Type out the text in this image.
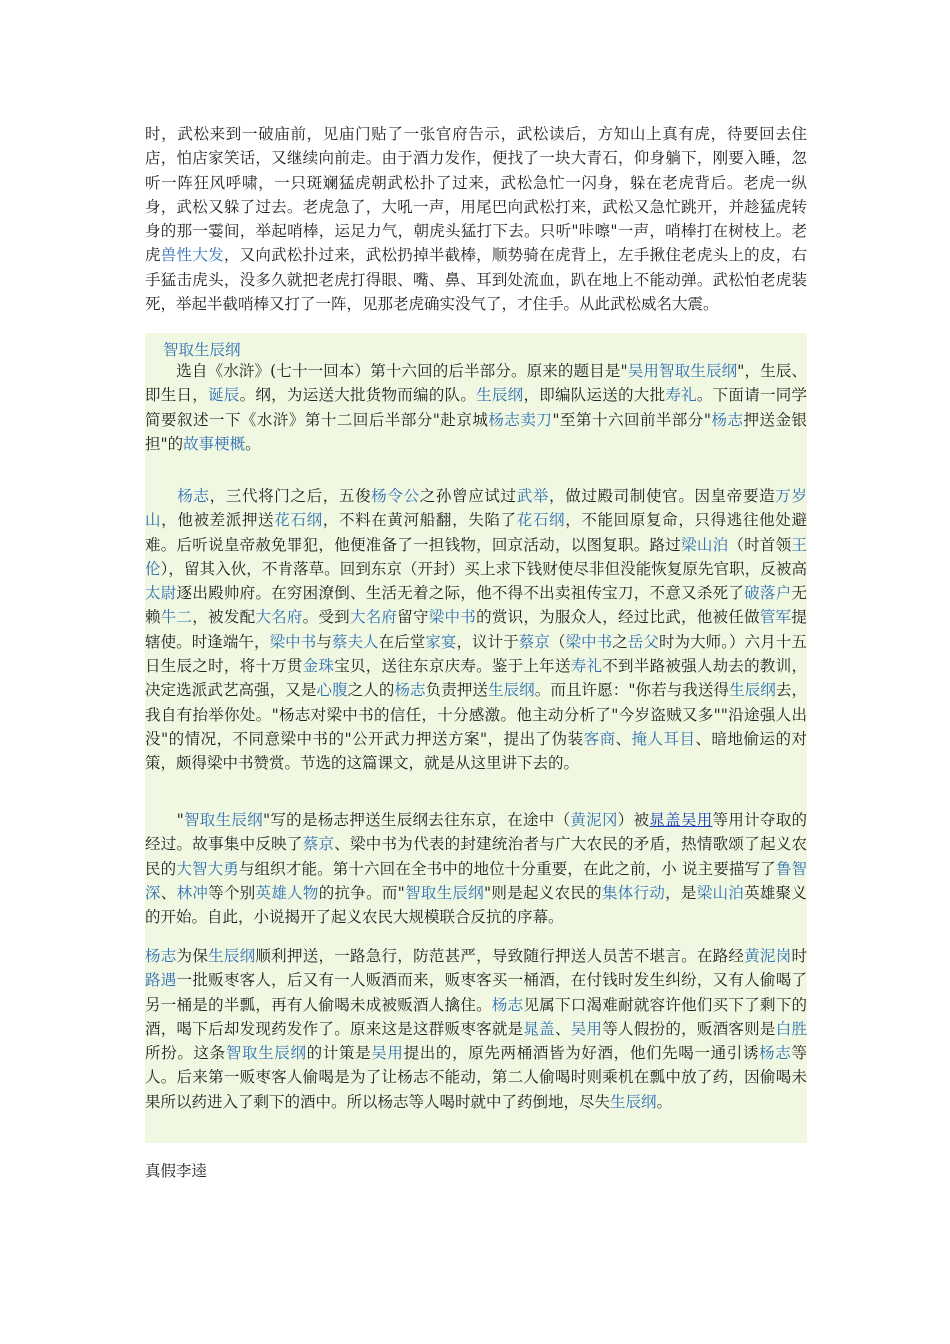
时，武松来到一破庙前，见庙门贴了一张官府告示，武松读后，方知山上真有虎，待要回去住店，怕店家笑话，又继续向前走。由于酒力发作，便找了一块大青石，仰身躺下，刚要入睡，忽听一阵狂风呼啸，一只斑斓猛虎朝武松扑了过来，武松急忙一闪身，躲在老虎背后。老虎一纵身，武松又躲了过去。老虎急了，大吼一声，用尾巴向武松打来，武松又急忙跳开，并趁猛虎转身的那一霎间，举起哨棒，运足力气，朝虎头猛打下去。只听"咔嚓"一声，哨棒打在树枝上。老虎兽性大发，又向武松扑过来，武松扔掉半截棒，顺势骑在虎背上，左手揪住老虎头上的皮，右手猛击虎头，没多久就把老虎打得眼、嘴、鼻、耳到处流血，趴在地上不能动弹。武松怕老虎装死，举起半截哨棒又打了一阵，见那老虎确实没气了，才住手。从此武松威名大震。

智取生辰纲

　　选自《水浒》(七十一回本）第十六回的后半部分。原来的题目是"吴用智取生辰纲"，生辰、即生日，诞辰。纲，为运送大批货物而编的队。生辰纲，即编队运送的大批寿礼。下面请一同学简要叙述一下《水浒》第十二回后半部分"赴京城杨志卖刀"至第十六回前半部分"杨志押送金银担"的故事梗概。

　　杨志，三代将门之后，五俊杨令公之孙曾应试过武举，做过殿司制使官。因皇帝要造万岁山，他被差派押送花石纲，不料在黄河船翻，失陷了花石纲，不能回原复命，只得逃往他处避难。后听说皇帝赦免罪犯，他便准备了一担钱物，回京活动，以图复职。路过梁山泊（时首领王伦），留其入伙，不肯落草。回到东京（开封）买上求下钱财使尽非但没能恢复原先官职，反被高太尉逐出殿帅府。在穷困潦倒、生活无着之际，他不得不出卖祖传宝刀，不意又杀死了破落户无赖牛二，被发配大名府。受到大名府留守梁中书的赏识，为服众人，经过比武，他被任做管军提辖使。时逢端午，梁中书与蔡夫人在后堂家宴，议计于蔡京（梁中书之岳父时为大师。）六月十五日生辰之时，将十万贯金珠宝贝，送往东京庆寿。鉴于上年送寿礼不到半路被强人劫去的教训，决定选派武艺高强，又是心腹之人的杨志负责押送生辰纲。而且许愿："你若与我送得生辰纲去，我自有抬举你处。"杨志对梁中书的信任，十分感激。他主动分析了"今岁盗贼又多""沿途强人出没"的情况，不同意梁中书的"公开武力押送方案"，提出了伪装客商、掩人耳目、暗地偷运的对策，颇得梁中书赞赏。节选的这篇课文，就是从这里讲下去的。

　　"智取生辰纲"写的是杨志押送生辰纲去往东京，在途中（黄泥冈）被晁盖吴用等用计夺取的经过。故事集中反映了蔡京、梁中书为代表的封建统治者与广大农民的矛盾，热情歌颂了起义农民的大智大勇与组织才能。第十六回在全书中的地位十分重要，在此之前，小 说主要描写了鲁智深、林冲等个别英雄人物的抗争。而"智取生辰纲"则是起义农民的集体行动，是梁山泊英雄聚义的开始。自此，小说揭开了起义农民大规模联合反抗的序幕。

杨志为保生辰纲顺利押送，一路急行，防范甚严，导致随行押送人员苦不堪言。在路经黄泥岗时路遇一批贩枣客人，后又有一人贩酒而来，贩枣客买一桶酒，在付钱时发生纠纷，又有人偷喝了另一桶是的半瓢，再有人偷喝未成被贩酒人擒住。杨志见属下口渴难耐就容许他们买下了剩下的酒，喝下后却发现药发作了。原来这是这群贩枣客就是晁盖、吴用等人假扮的，贩酒客则是白胜所扮。这条智取生辰纲的计策是吴用提出的，原先两桶酒皆为好酒，他们先喝一通引诱杨志等人。后来第一贩枣客人偷喝是为了让杨志不能动，第二人偷喝时则乘机在瓢中放了药，因偷喝未果所以药进入了剩下的酒中。所以杨志等人喝时就中了药倒地，尽失生辰纲。

真假李逵
